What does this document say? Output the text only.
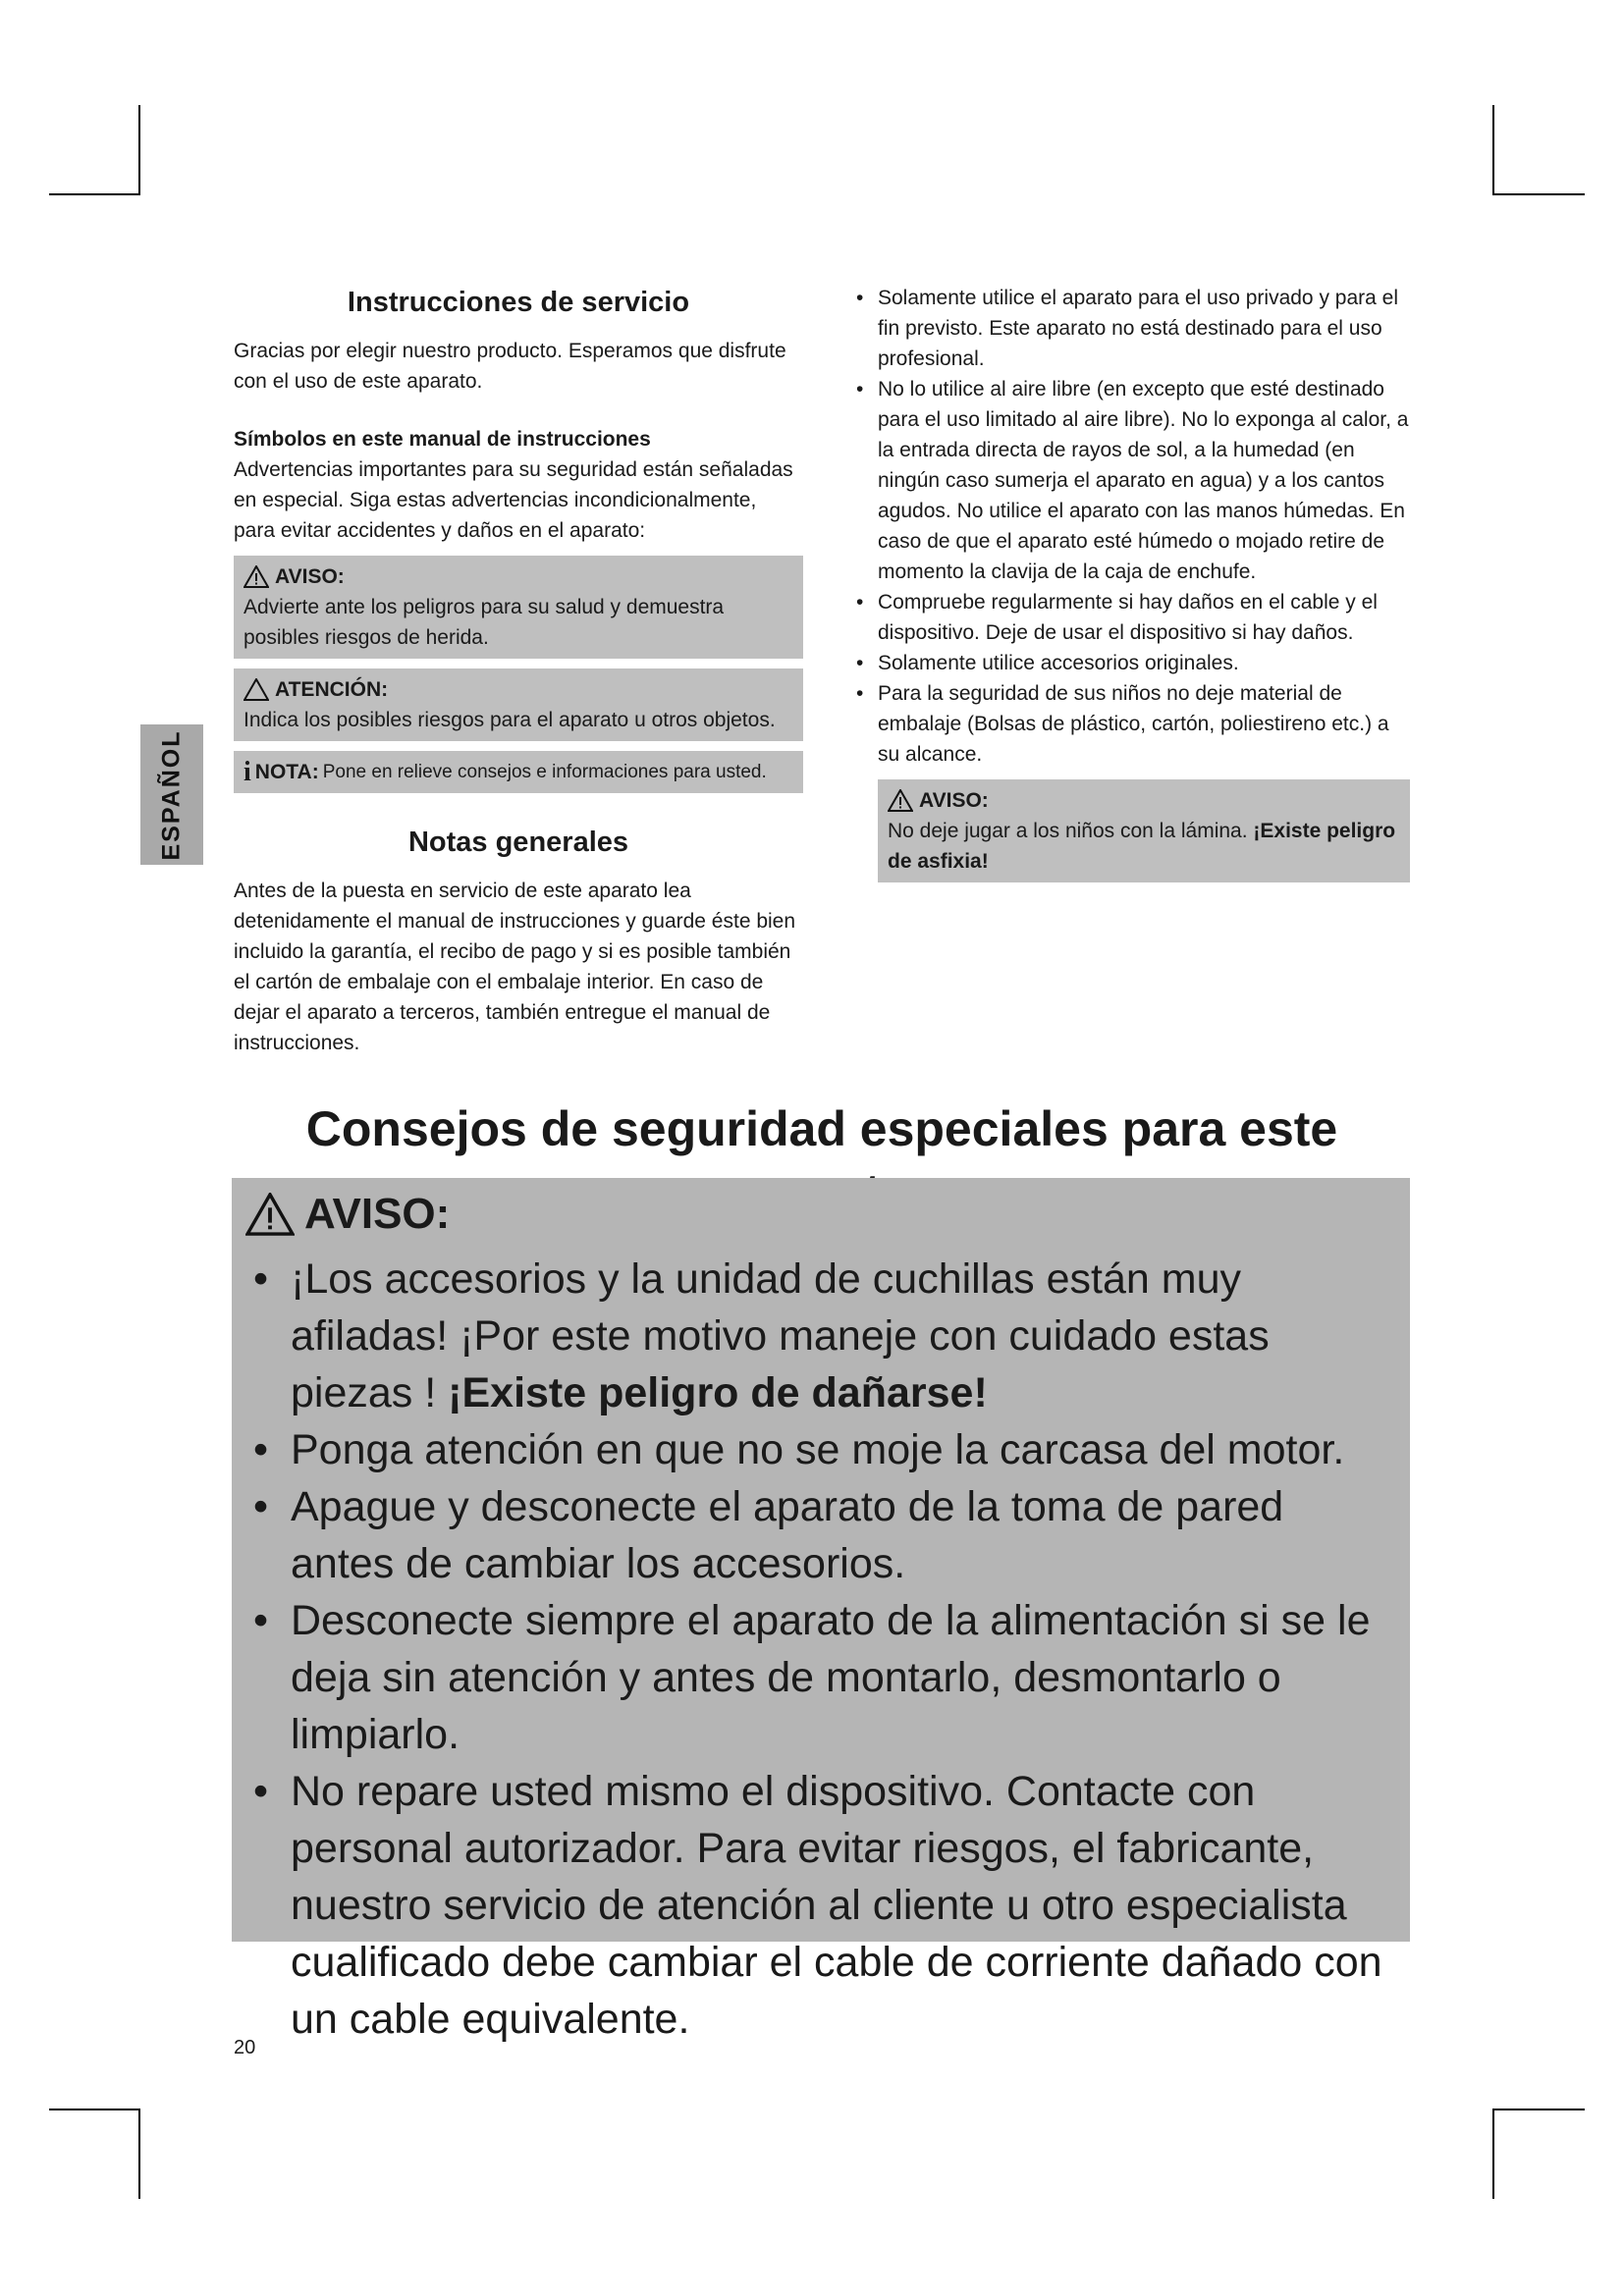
ESPAÑOL
Instrucciones de servicio

Gracias por elegir nuestro producto. Esperamos que disfrute con el uso de este aparato.

Símbolos en este manual de instrucciones

Advertencias importantes para su seguridad están señaladas en especial. Siga estas advertencias incondicionalmente, para evitar accidentes y daños en el aparato:

AVISO:

Advierte ante los peligros para su salud y demuestra posibles riesgos de herida.

ATENCIÓN:

Indica los posibles riesgos para el aparato u otros objetos.

i NOTA: Pone en relieve consejos e informaciones para usted.
Notas generales

Antes de la puesta en servicio de este aparato lea detenidamente el manual de instrucciones y guarde éste bien incluido la garantía, el recibo de pago y si es posible también el cartón de embalaje con el embalaje interior. En caso de dejar el aparato a terceros, también entregue el manual de instrucciones.

• Solamente utilice el aparato para el uso privado y para el fin previsto. Este aparato no está destinado para el uso profesional.
• No lo utilice al aire libre (en excepto que esté destinado para el uso limitado al aire libre). No lo exponga al calor, a la entrada directa de rayos de sol, a la humedad (en ningún caso sumerja el aparato en agua) y a los cantos agudos. No utilice el aparato con las manos húmedas. En caso de que el aparato esté húmedo o mojado retire de momento la clavija de la caja de enchufe.
• Compruebe regularmente si hay daños en el cable y el dispositivo. Deje de usar el dispositivo si hay daños.
• Solamente utilice accesorios originales.
• Para la seguridad de sus niños no deje material de embalaje (Bolsas de plástico, cartón, poliestireno etc.) a su alcance.
AVISO:

No deje jugar a los niños con la lámina. ¡Existe peligro de asfixia!

Consejos de seguridad especiales para este
AVISO:
• ¡Los accesorios y la unidad de cuchillas están muy afiladas! ¡Por este motivo maneje con cuidado estas piezas ! ¡Existe peligro de dañarse!
• Ponga atención en que no se moje la carcasa del motor.
• Apague y desconecte el aparato de la toma de pared antes de cambiar los accesorios.
• Desconecte siempre el aparato de la alimentación si se le deja sin atención y antes de montarlo, desmontarlo o limpiarlo.
• No repare usted mismo el dispositivo. Contacte con personal autorizador. Para evitar riesgos, el fabricante, nuestro servicio de atención al cliente u otro especialista cualificado debe cambiar el cable de corriente dañado con un cable equivalente.
20
